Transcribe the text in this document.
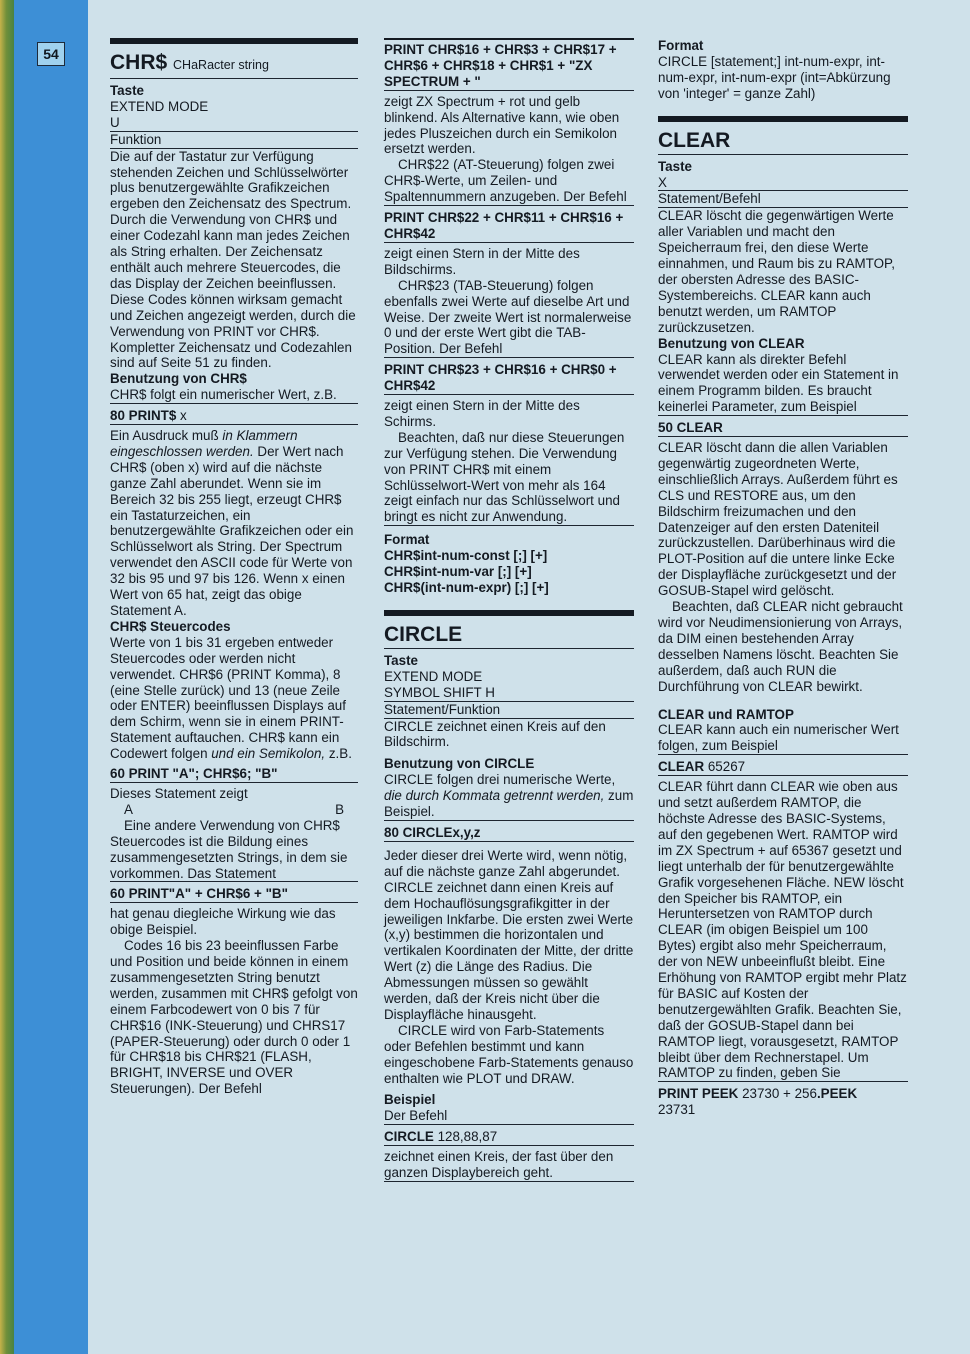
54 CHR$ CHaRacter string

Taste

EXTEND MODE

U

Funktion

Die auf der Tastatur zur Verfügung stehenden Zeichen und Schlüsselwörter plus benutzergewählte Grafikzeichen ergeben den Zeichensatz des Spectrum. Durch die Verwendung von CHR$ und einer Codezahl kann man jedes Zeichen als String erhalten. Der Zeichensatz enthält auch mehrere Steuercodes, die das Display der Zeichen beeinflussen. Diese Codes können wirksam gemacht und Zeichen angezeigt werden, durch die Verwendung von PRINT vor CHR$. Kompletter Zeichensatz und Codezahlen sind auf Seite 51 zu finden.

Benutzung von CHR$

CHR$ folgt ein numerischer Wert, z.B.

80 PRINT$ x

Ein Ausdruck muß in Klammern eingeschlossen werden. Der Wert nach CHR$ (oben x) wird auf die nächste ganze Zahl aberundet. Wenn sie im Bereich 32 bis 255 liegt, erzeugt CHR$ ein Tastaturzeichen, ein benutzergewählte Grafikzeichen oder ein Schlüsselwort als String. Der Spectrum verwendet den ASCII code für Werte von 32 bis 95 und 97 bis 126. Wenn x einen Wert von 65 hat, zeigt das obige Statement A.

CHR$ Steuercodes

Werte von 1 bis 31 ergeben entweder Steuercodes oder werden nicht verwendet. CHR$6 (PRINT Komma), 8 (eine Stelle zurück) und 13 (neue Zeile oder ENTER) beeinflussen Displays auf dem Schirm, wenn sie in einem PRINT-Statement auftauchen. CHR$ kann ein Codewert folgen und ein Semikolon, z.B.

60 PRINT "A"; CHR$6; "B"

Dieses Statement zeigt

A	B

Eine andere Verwendung von CHR$ Steuercodes ist die Bildung eines zusammengesetzten Strings, in dem sie vorkommen. Das Statement

60 PRINT"A" + CHR$6 + "B"

hat genau diegleiche Wirkung wie das obige Beispiel.

Codes 16 bis 23 beeinflussen Farbe und Position und beide können in einem zusammengesetzten String benutzt werden, zusammen mit CHR$ gefolgt von einem Farbcodewert von 0 bis 7 für CHR$16 (INK-Steuerung) und CHRS17 (PAPER-Steuerung) oder durch 0 oder 1 für CHR$18 bis CHR$21 (FLASH, BRIGHT, INVERSE und OVER Steuerungen). Der Befehl

PRINT CHR$16 + CHR$3 + CHR$17 + CHR$6 + CHR$18 + CHR$1 + "ZX SPECTRUM + "

zeigt ZX Spectrum + rot und gelb blinkend. Als Alternative kann, wie oben jedes Pluszeichen durch ein Semikolon ersetzt werden.

CHR$22 (AT-Steuerung) folgen zwei CHR$-Werte, um Zeilen- und Spaltennummern anzugeben. Der Befehl

PRINT CHR$22 + CHR$11 + CHR$16 + CHR$42

zeigt einen Stern in der Mitte des Bildschirms.

CHR$23 (TAB-Steuerung) folgen ebenfalls zwei Werte auf dieselbe Art und Weise. Der zweite Wert ist normalerweise 0 und der erste Wert gibt die TAB-Position. Der Befehl

PRINT CHR$23 + CHR$16 + CHR$0 + CHR$42

zeigt einen Stern in der Mitte des Schirms.

Beachten, daß nur diese Steuerungen zur Verfügung stehen. Die Verwendung von PRINT CHR$ mit einem Schlüsselwort-Wert von mehr als 164 zeigt einfach nur das Schlüsselwort und bringt es nicht zur Anwendung.

Format

CHR$int-num-const [;] [+]

CHR$int-num-var [;] [+]

CHR$(int-num-expr) [;] [+]

CIRCLE

Taste

EXTEND MODE

SYMBOL SHIFT H

Statement/Funktion

CIRCLE zeichnet einen Kreis auf den Bildschirm.

Benutzung von CIRCLE

CIRCLE folgen drei numerische Werte, die durch Kommata getrennt werden, zum Beispiel.

80 CIRCLEx,y,z

Jeder dieser drei Werte wird, wenn nötig, auf die nächste ganze Zahl abgerundet. CIRCLE zeichnet dann einen Kreis auf dem Hochauflösungsgrafikgitter in der jeweiligen Inkfarbe. Die ersten zwei Werte (x,y) bestimmen die horizontalen und vertikalen Koordinaten der Mitte, der dritte Wert (z) die Länge des Radius. Die Abmessungen müssen so gewählt werden, daß der Kreis nicht über die Displayfläche hinausgeht.

CIRCLE wird von Farb-Statements oder Befehlen bestimmt und kann eingeschobene Farb-Statements genauso enthalten wie PLOT und DRAW.

Beispiel

Der Befehl

CIRCLE 128,88,87

zeichnet einen Kreis, der fast über den ganzen Displaybereich geht.

Format

CIRCLE [statement;] int-num-expr, int-num-expr, int-num-expr (int=Abkürzung von 'integer' = ganze Zahl)

CLEAR

Taste

X

Statement/Befehl

CLEAR löscht die gegenwärtigen Werte aller Variablen und macht den Speicherraum frei, den diese Werte einnahmen, und Raum bis zu RAMTOP, der obersten Adresse des BASIC-Systembereichs. CLEAR kann auch benutzt werden, um RAMTOP zurückzusetzen.

Benutzung von CLEAR

CLEAR kann als direkter Befehl verwendet werden oder ein Statement in einem Programm bilden. Es braucht keinerlei Parameter, zum Beispiel

50 CLEAR

CLEAR löscht dann die allen Variablen gegenwärtig zugeordneten Werte, einschließlich Arrays. Außerdem führt es CLS und RESTORE aus, um den Bildschirm freizumachen und den Datenzeiger auf den ersten Dateniteil zurückzustellen. Darüberhinaus wird die PLOT-Position auf die untere linke Ecke der Displayfläche zurückgesetzt und der GOSUB-Stapel wird gelöscht.

Beachten, daß CLEAR nicht gebraucht wird vor Neudimensionierung von Arrays, da DIM einen bestehenden Array desselben Namens löscht. Beachten Sie außerdem, daß auch RUN die Durchführung von CLEAR bewirkt.

CLEAR und RAMTOP

CLEAR kann auch ein numerischer Wert folgen, zum Beispiel

CLEAR 65267

CLEAR führt dann CLEAR wie oben aus und setzt außerdem RAMTOP, die höchste Adresse des BASIC-Systems, auf den gegebenen Wert. RAMTOP wird im ZX Spectrum + auf 65367 gesetzt und liegt unterhalb der für benutzergewählte Grafik vorgesehenen Fläche. NEW löscht den Speicher bis RAMTOP, ein Heruntersetzen von RAMTOP durch CLEAR (im obigen Beispiel um 100 Bytes) ergibt also mehr Speicherraum, der von NEW unbeeinflußt bleibt. Eine Erhöhung von RAMTOP ergibt mehr Platz für BASIC auf Kosten der benutzergewählten Grafik. Beachten Sie, daß der GOSUB-Stapel dann bei RAMTOP liegt, vorausgesetzt, RAMTOP bleibt über dem Rechnerstapel. Um RAMTOP zu finden, geben Sie

PRINT PEEK 23730 + 256.PEEK

23731
